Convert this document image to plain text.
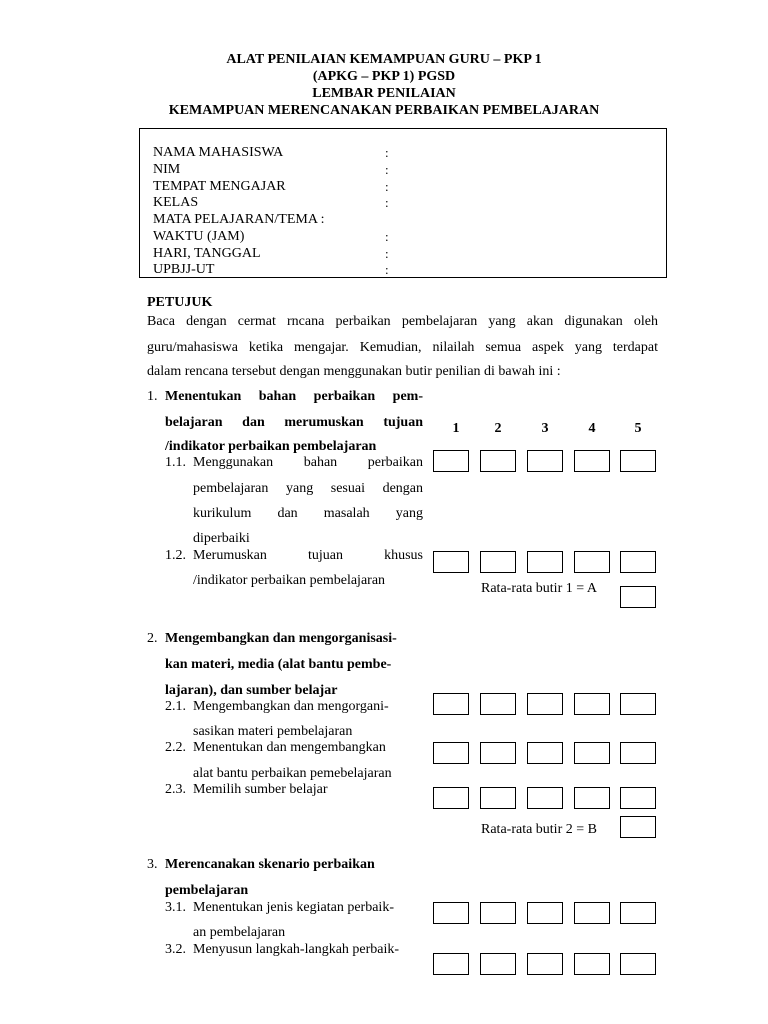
ALAT PENILAIAN KEMAMPUAN GURU – PKP 1
(APKG – PKP 1) PGSD
LEMBAR PENILAIAN
KEMAMPUAN MERENCANAKAN PERBAIKAN PEMBELAJARAN
NAMA MAHASISWA	:
NIM	:
TEMPAT MENGAJAR	:
KELAS	:
MATA PELAJARAN/TEMA :
WAKTU (JAM)	:
HARI, TANGGAL	:
UPBJJ-UT	:
PETUJUK
Baca dengan cermat rncana perbaikan pembelajaran yang akan digunakan oleh
guru/mahasiswa ketika mengajar. Kemudian, nilailah semua aspek yang terdapat
dalam rencana tersebut dengan menggunakan butir penilian di bawah ini :
1	2	3	4	5
1. Menentukan bahan perbaikan pem-
belajaran dan merumuskan tujuan
/indikator perbaikan pembelajaran
1.1. Menggunakan bahan perbaikan
pembelajaran yang sesuai dengan
kurikulum dan masalah yang
diperbaiki
1.2. Merumuskan tujuan khusus
/indikator perbaikan pembelajaran
Rata-rata butir 1 = A
2. Mengembangkan dan mengorganisasi-
kan materi, media (alat bantu pembe-
lajaran), dan sumber belajar
2.1. Mengembangkan dan mengorgani-
sasikan materi pembelajaran
2.2. Menentukan dan mengembangkan
alat bantu perbaikan pemebelajaran
2.3. Memilih sumber belajar
Rata-rata butir 2 = B
3. Merencanakan skenario perbaikan
pembelajaran
3.1. Menentukan jenis kegiatan perbaik-
an pembelajaran
3.2. Menyusun langkah-langkah perbaik-
